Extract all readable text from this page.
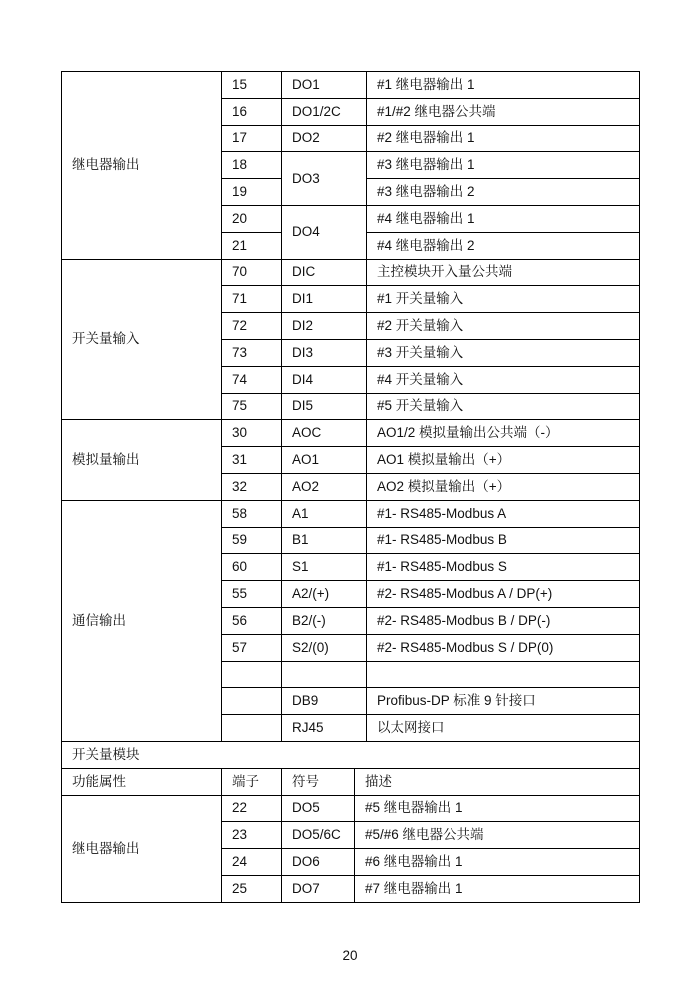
继电器输出	15	DO1		#1 继电器输出 1
	16	DO1/2C		#1/#2 继电器公共端
	17	DO2		#2 继电器输出 1
	18	DO3		#3 继电器输出 1
	19			#3 继电器输出 2
	20	DO4		#4 继电器输出 1
	21			#4 继电器输出 2
开关量输入	70	DIC		主控模块开入量公共端
	71	DI1		#1 开关量输入
	72	DI2		#2 开关量输入
	73	DI3		#3 开关量输入
	74	DI4		#4 开关量输入
	75	DI5		#5 开关量输入
模拟量输出	30	AOC		AO1/2 模拟量输出公共端（-）
	31	AO1		AO1 模拟量输出（+）
	32	AO2		AO2 模拟量输出（+）
通信输出	58	A1		#1- RS485-Modbus A
	59	B1		#1- RS485-Modbus B
	60	S1		#1- RS485-Modbus S
	55	A2/(+)		#2- RS485-Modbus A / DP(+)
	56	B2/(-)		#2- RS485-Modbus B / DP(-)
	57	S2/(0)		#2- RS485-Modbus S / DP(0)

		DB9		Profibus-DP 标准 9 针接口
		RJ45		以太网接口
开关量模块				
功能属性	端子	符号	描述	
继电器输出	22	DO5	#5 继电器输出 1	
	23	DO5/6C	#5/#6 继电器公共端	
	24	DO6	#6 继电器输出 1	
	25	DO7	#7 继电器输出 1	
20
